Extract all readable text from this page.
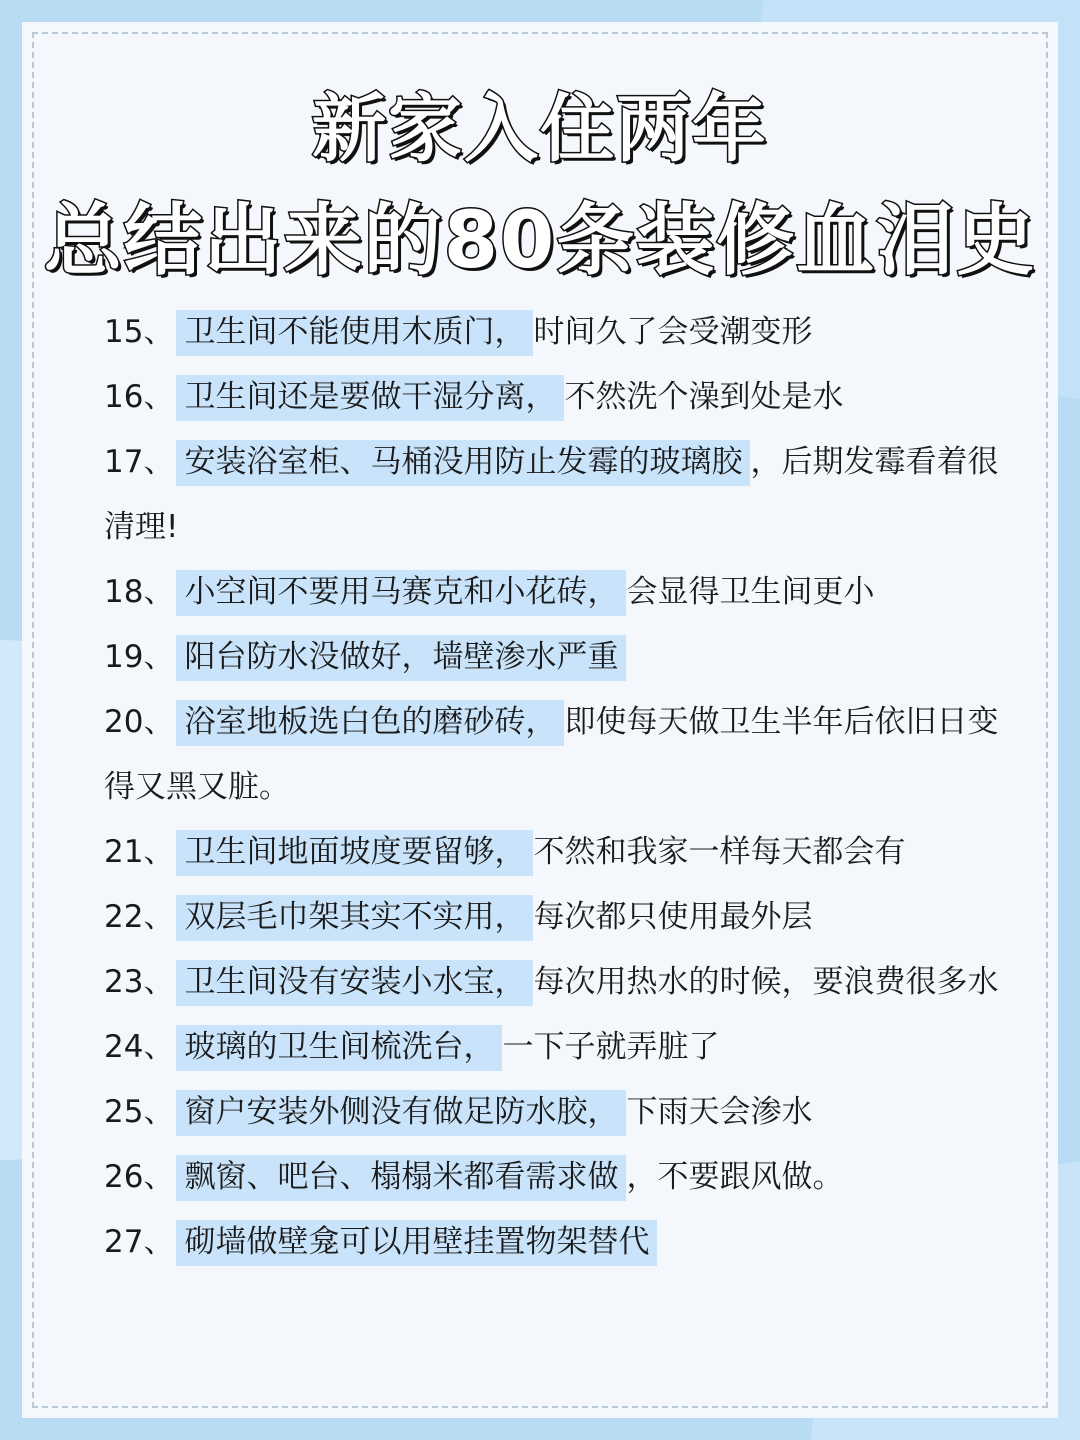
新家入住两年
总结出来的80条装修血泪史
15、 卫生间不能使用木质门， 时间久了会受潮变形
16、 卫生间还是要做干湿分离， 不然洗个澡到处是水
17、 安装浴室柜、马桶没用防止发霉的玻璃胶 ，后期发霉看着很清理!
18、 小空间不要用马赛克和小花砖， 会显得卫生间更小
19、 阳台防水没做好，墙壁渗水严重
20、 浴室地板选白色的磨砂砖， 即使每天做卫生半年后依旧日变得又黑又脏。
21、 卫生间地面坡度要留够， 不然和我家一样每天都会有
22、 双层毛巾架其实不实用， 每次都只使用最外层
23、 卫生间没有安装小水宝， 每次用热水的时候，要浪费很多水
24、 玻璃的卫生间梳洗台， 一下子就弄脏了
25、 窗户安装外侧没有做足防水胶， 下雨天会渗水
26、 飘窗、吧台、榻榻米都看需求做 ，不要跟风做。
27、 砌墙做壁龛可以用壁挂置物架替代
